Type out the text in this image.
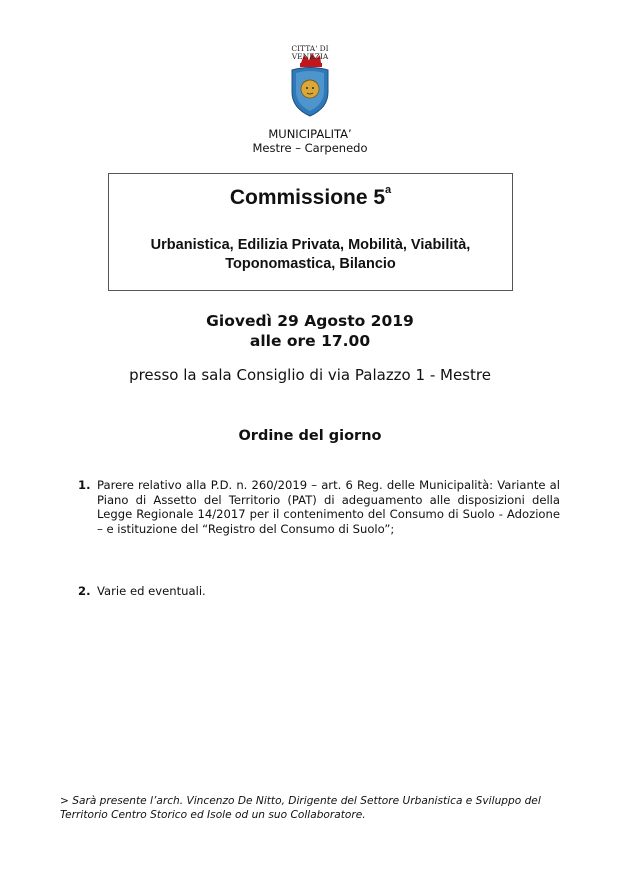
CITTA' DI
VENEZIA
MUNICIPALITA’
Mestre – Carpenedo
Commissione 5$^a$
Urbanistica, Edilizia Privata, Mobilità, Viabilità,
Toponomastica, Bilancio
Giovedì 29 Agosto 2019
alle ore 17.00
presso la sala Consiglio di via Palazzo 1 - Mestre
Ordine del giorno
1. Parere relativo alla P.D. n. 260/2019 – art. 6 Reg. delle Municipalità: Variante al Piano di Assetto del Territorio (PAT) di adeguamento alle disposizioni della Legge Regionale 14/2017 per il contenimento del Consumo di Suolo - Adozione – e istituzione del “Registro del Consumo di Suolo”;
2. Varie ed eventuali.
> Sarà presente l’arch. Vincenzo De Nitto, Dirigente del Settore Urbanistica e Sviluppo del Territorio Centro Storico ed Isole od un suo Collaboratore.
